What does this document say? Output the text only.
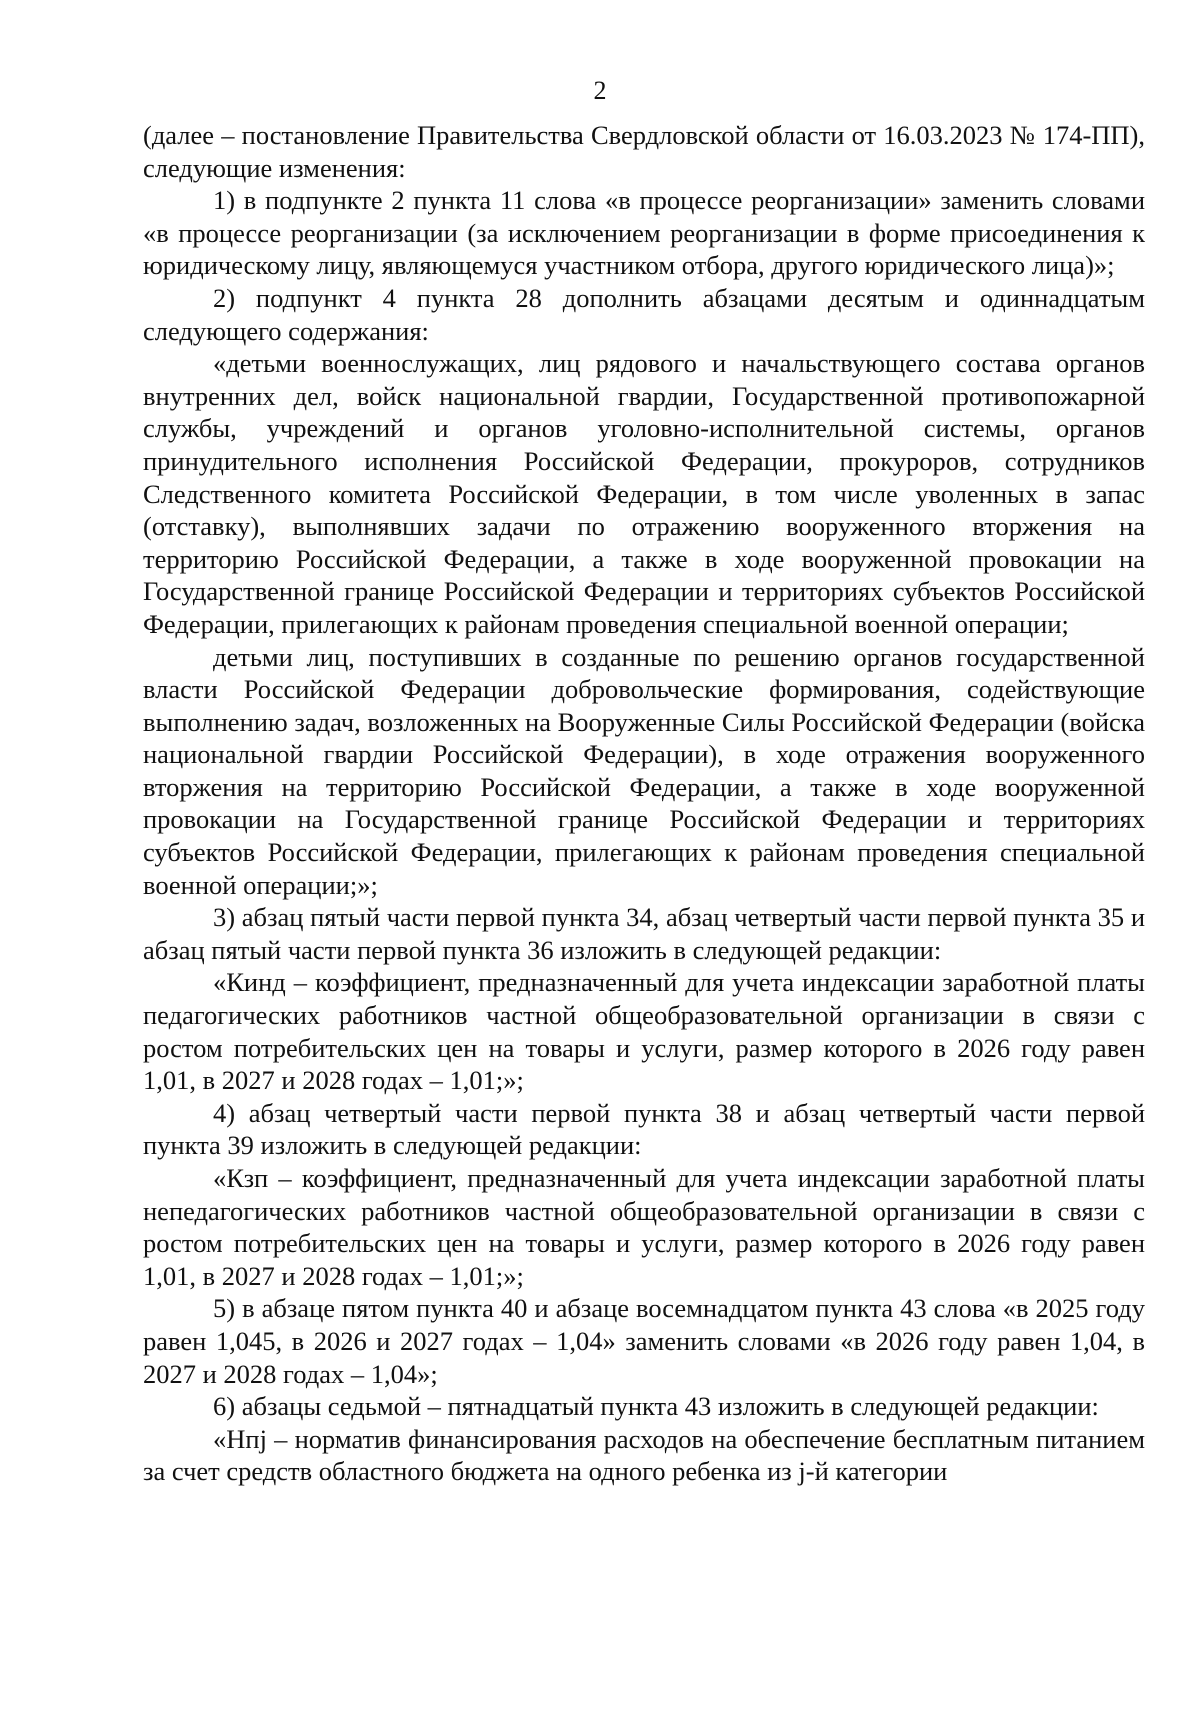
2

(далее – постановление Правительства Свердловской области от 16.03.2023 № 174-ПП), следующие изменения:

1) в подпункте 2 пункта 11 слова «в процессе реорганизации» заменить словами «в процессе реорганизации (за исключением реорганизации в форме присоединения к юридическому лицу, являющемуся участником отбора, другого юридического лица)»;

2) подпункт 4 пункта 28 дополнить абзацами десятым и одиннадцатым следующего содержания:

«детьми военнослужащих, лиц рядового и начальствующего состава органов внутренних дел, войск национальной гвардии, Государственной противопожарной службы, учреждений и органов уголовно-исполнительной системы, органов принудительного исполнения Российской Федерации, прокуроров, сотрудников Следственного комитета Российской Федерации, в том числе уволенных в запас (отставку), выполнявших задачи по отражению вооруженного вторжения на территорию Российской Федерации, а также в ходе вооруженной провокации на Государственной границе Российской Федерации и территориях субъектов Российской Федерации, прилегающих к районам проведения специальной военной операции;

детьми лиц, поступивших в созданные по решению органов государственной власти Российской Федерации добровольческие формирования, содействующие выполнению задач, возложенных на Вооруженные Силы Российской Федерации (войска национальной гвардии Российской Федерации), в ходе отражения вооруженного вторжения на территорию Российской Федерации, а также в ходе вооруженной провокации на Государственной границе Российской Федерации и территориях субъектов Российской Федерации, прилегающих к районам проведения специальной военной операции;»;

3) абзац пятый части первой пункта 34, абзац четвертый части первой пункта 35 и абзац пятый части первой пункта 36 изложить в следующей редакции:

«Кинд – коэффициент, предназначенный для учета индексации заработной платы педагогических работников частной общеобразовательной организации в связи с ростом потребительских цен на товары и услуги, размер которого в 2026 году равен 1,01, в 2027 и 2028 годах – 1,01;»;

4) абзац четвертый части первой пункта 38 и абзац четвертый части первой пункта 39 изложить в следующей редакции:

«Кзп – коэффициент, предназначенный для учета индексации заработной платы непедагогических работников частной общеобразовательной организации в связи с ростом потребительских цен на товары и услуги, размер которого в 2026 году равен 1,01, в 2027 и 2028 годах – 1,01;»;

5) в абзаце пятом пункта 40 и абзаце восемнадцатом пункта 43 слова «в 2025 году равен 1,045, в 2026 и 2027 годах – 1,04» заменить словами «в 2026 году равен 1,04, в 2027 и 2028 годах – 1,04»;

6) абзацы седьмой – пятнадцатый пункта 43 изложить в следующей редакции:

«Нпj – норматив финансирования расходов на обеспечение бесплатным питанием за счет средств областного бюджета на одного ребенка из j-й категории
